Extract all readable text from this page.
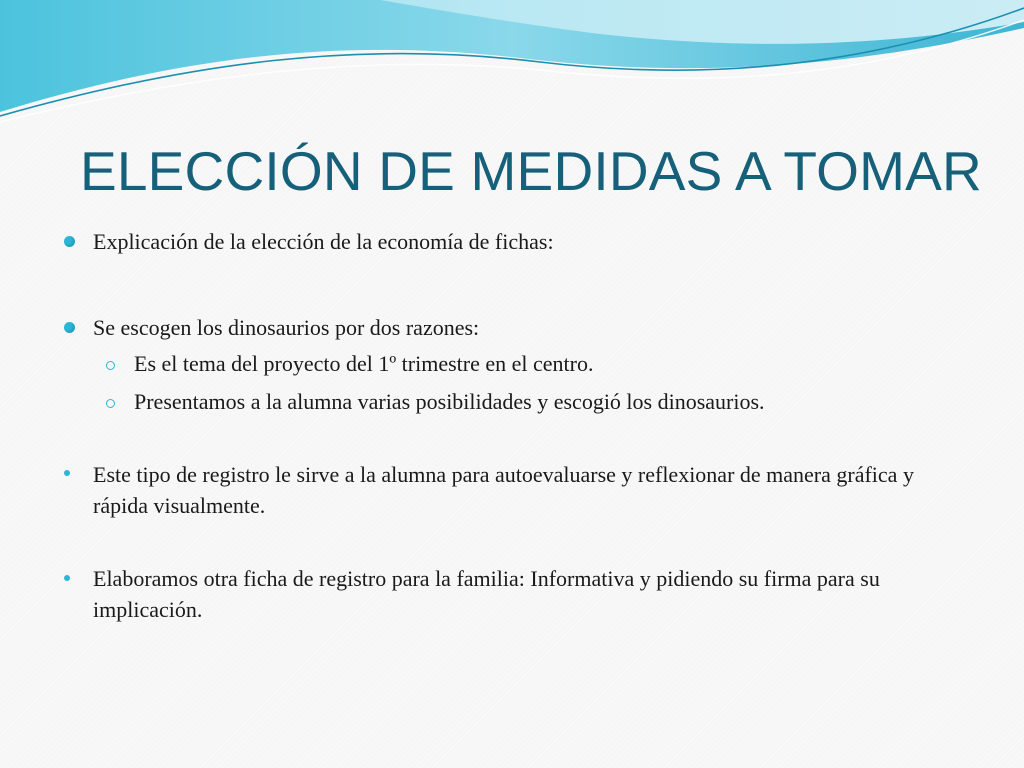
ELECCIÓN DE MEDIDAS A TOMAR
Explicación de la elección de la economía de fichas:
Se escogen los dinosaurios por dos razones:
Es el tema del proyecto del 1º trimestre en el centro.
Presentamos a la alumna varias posibilidades y escogió los dinosaurios.
Este tipo de registro le sirve a la alumna para autoevaluarse y reflexionar de manera gráfica y rápida visualmente.
Elaboramos otra ficha de registro para la familia: Informativa y pidiendo su firma para su implicación.
